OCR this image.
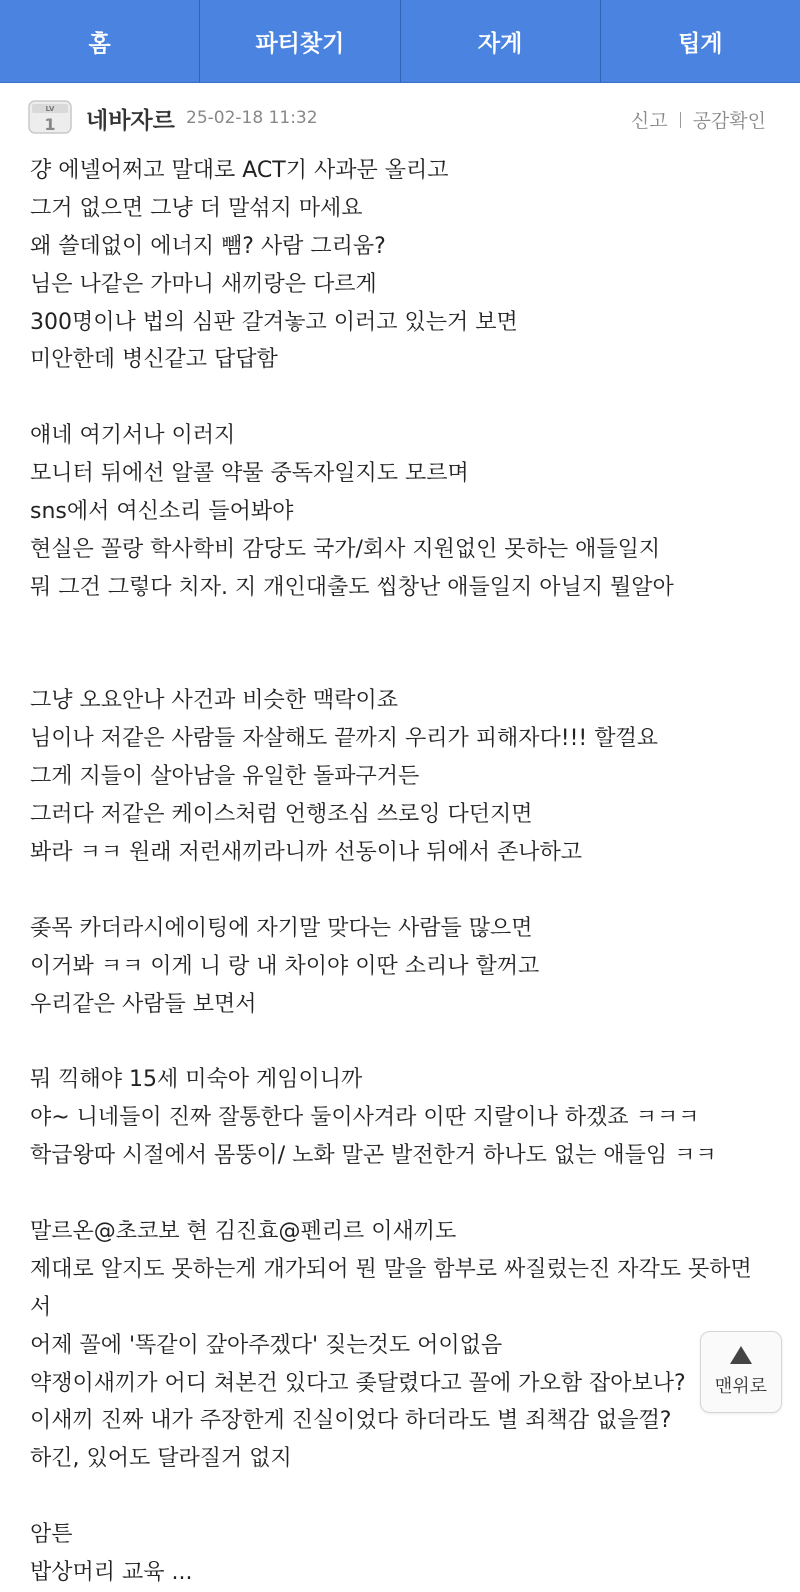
홈	파티찾기	자게	팁게
LV
1 네바자르 25-02-18 11:32	신고 공감확인
걍 에넬어쩌고 말대로 ACT기 사과문 올리고
그거 없으면 그냥 더 말섞지 마세요
왜 쓸데없이 에너지 뺌? 사람 그리움?
님은 나같은 가마니 새끼랑은 다르게
300명이나 법의 심판 갈겨놓고 이러고 있는거 보면
미안한데 병신같고 답답함
얘네 여기서나 이러지
모니터 뒤에선 알콜 약물 중독자일지도 모르며
sns에서 여신소리 들어봐야
현실은 꼴랑 학사학비 감당도 국가/회사 지원없인 못하는 애들일지
뭐 그건 그렇다 치자. 지 개인대출도 씹창난 애들일지 아닐지 뭘알아
그냥 오요안나 사건과 비슷한 맥락이죠
님이나 저같은 사람들 자살해도 끝까지 우리가 피해자다!!! 할껄요
그게 지들이 살아남을 유일한 돌파구거든
그러다 저같은 케이스처럼 언행조심 쓰로잉 다던지면
봐라 ㅋㅋ 원래 저런새끼라니까 선동이나 뒤에서 존나하고
좆목 카더라시에이팅에 자기말 맞다는 사람들 많으면
이거봐 ㅋㅋ 이게 니 랑 내 차이야 이딴 소리나 할꺼고
우리같은 사람들 보면서
뭐 끽해야 15세 미숙아 게임이니까
야~ 니네들이 진짜 잘통한다 둘이사겨라 이딴 지랄이나 하겠죠 ㅋㅋㅋ
학급왕따 시절에서 몸뚱이/ 노화 말곤 발전한거 하나도 없는 애들임 ㅋㅋ
말르온@초코보 현 김진효@펜리르 이새끼도
제대로 알지도 못하는게 개가되어 뭔 말을 함부로 싸질렀는진 자각도 못하면
서
어제 꼴에 '똑같이 갚아주겠다' 짖는것도 어이없음
약쟁이새끼가 어디 쳐본건 있다고 좆달렸다고 꼴에 가오함 잡아보나?
이새끼 진짜 내가 주장한게 진실이었다 하더라도 별 죄책감 없을껄?
하긴, 있어도 달라질거 없지
암튼
밥상머리 교육 ...
맨위로
